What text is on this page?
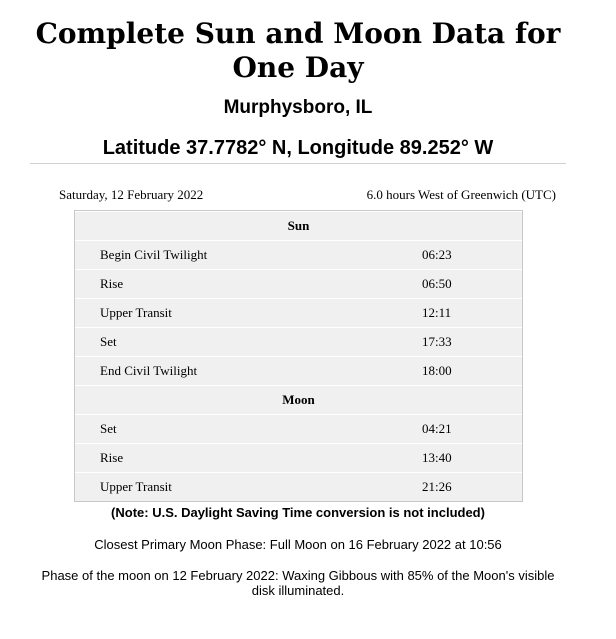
Complete Sun and Moon Data for One Day
Murphysboro, IL
Latitude 37.7782° N, Longitude 89.252° W
Saturday, 12 February 2022	6.0 hours West of Greenwich (UTC)
Sun
Begin Civil Twilight	06:23
Rise	06:50
Upper Transit	12:11
Set	17:33
End Civil Twilight	18:00
Moon
Set	04:21
Rise	13:40
Upper Transit	21:26
(Note: U.S. Daylight Saving Time conversion is not included)
Closest Primary Moon Phase: Full Moon on 16 February 2022 at 10:56
Phase of the moon on 12 February 2022: Waxing Gibbous with 85% of the Moon's visible disk illuminated.
